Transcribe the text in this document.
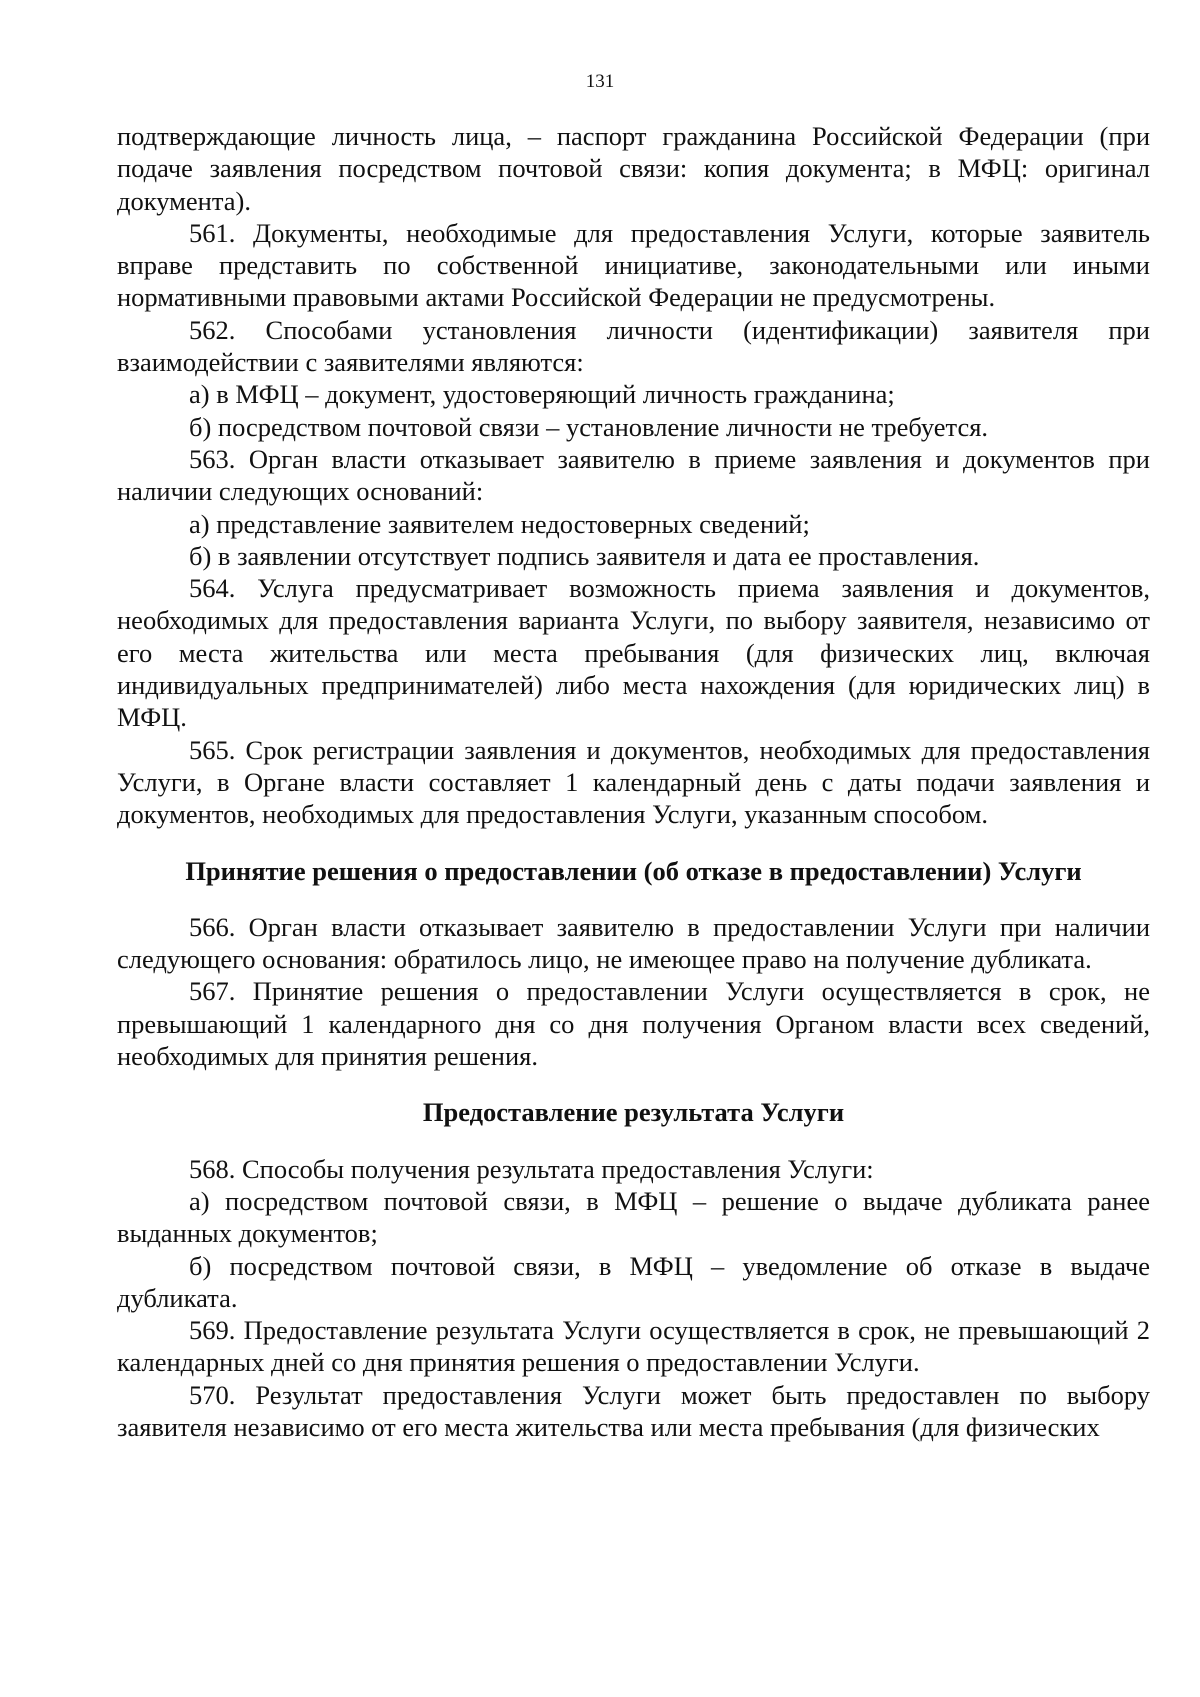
131

подтверждающие личность лица, – паспорт гражданина Российской Федерации (при подаче заявления посредством почтовой связи: копия документа; в МФЦ: оригинал документа).

561. Документы, необходимые для предоставления Услуги, которые заявитель вправе представить по собственной инициативе, законодательными или иными нормативными правовыми актами Российской Федерации не предусмотрены.

562. Способами установления личности (идентификации) заявителя при взаимодействии с заявителями являются:

а) в МФЦ – документ, удостоверяющий личность гражданина;

б) посредством почтовой связи – установление личности не требуется.

563. Орган власти отказывает заявителю в приеме заявления и документов при наличии следующих оснований:

а) представление заявителем недостоверных сведений;

б) в заявлении отсутствует подпись заявителя и дата ее проставления.

564. Услуга предусматривает возможность приема заявления и документов, необходимых для предоставления варианта Услуги, по выбору заявителя, независимо от его места жительства или места пребывания (для физических лиц, включая индивидуальных предпринимателей) либо места нахождения (для юридических лиц) в МФЦ.

565. Срок регистрации заявления и документов, необходимых для предоставления Услуги, в Органе власти составляет 1 календарный день с даты подачи заявления и документов, необходимых для предоставления Услуги, указанным способом.

Принятие решения о предоставлении (об отказе в предоставлении) Услуги

566. Орган власти отказывает заявителю в предоставлении Услуги при наличии следующего основания: обратилось лицо, не имеющее право на получение дубликата.

567. Принятие решения о предоставлении Услуги осуществляется в срок, не превышающий 1 календарного дня со дня получения Органом власти всех сведений, необходимых для принятия решения.

Предоставление результата Услуги

568. Способы получения результата предоставления Услуги:

а) посредством почтовой связи, в МФЦ – решение о выдаче дубликата ранее выданных документов;

б) посредством почтовой связи, в МФЦ – уведомление об отказе в выдаче дубликата.

569. Предоставление результата Услуги осуществляется в срок, не превышающий 2 календарных дней со дня принятия решения о предоставлении Услуги.

570. Результат предоставления Услуги может быть предоставлен по выбору заявителя независимо от его места жительства или места пребывания (для физических
